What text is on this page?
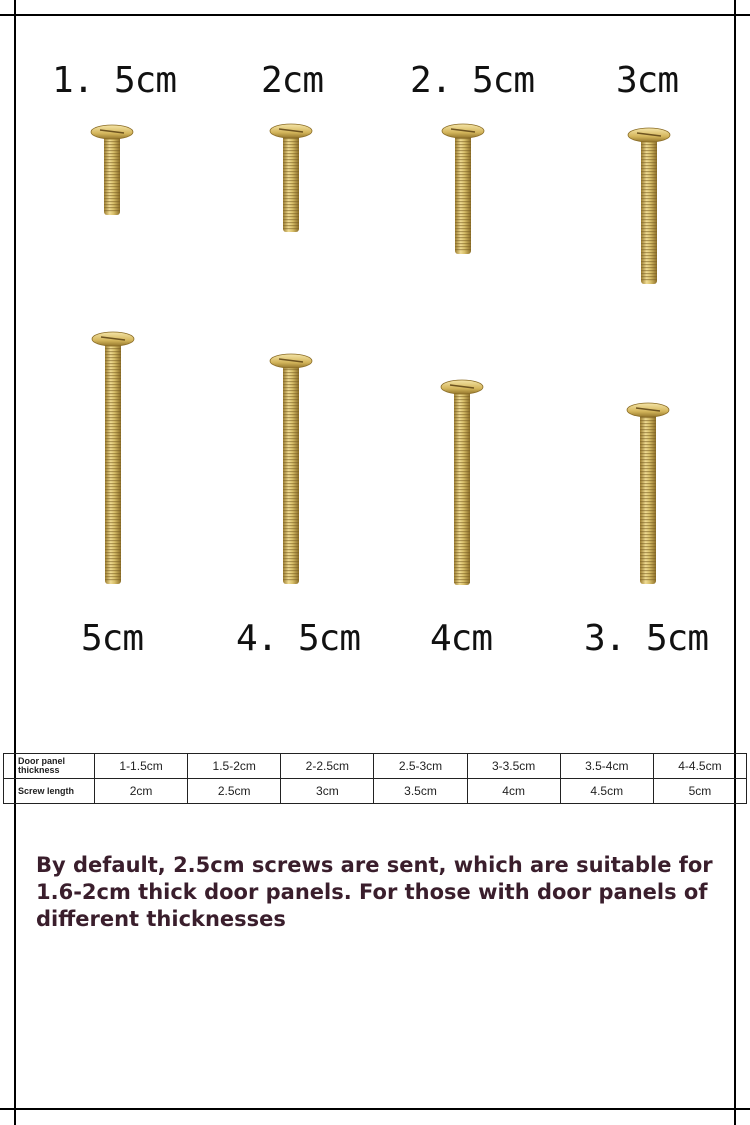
1. 5cm	2cm	2. 5cm	3cm
5cm	4. 5cm	4cm	3. 5cm
Door panel thickness	1-1.5cm	1.5-2cm	2-2.5cm	2.5-3cm	3-3.5cm	3.5-4cm	4-4.5cm
Screw length	2cm	2.5cm	3cm	3.5cm	4cm	4.5cm	5cm
By default, 2.5cm screws are sent, which are suitable for 1.6-2cm thick door panels. For those with door panels of different thicknesses
